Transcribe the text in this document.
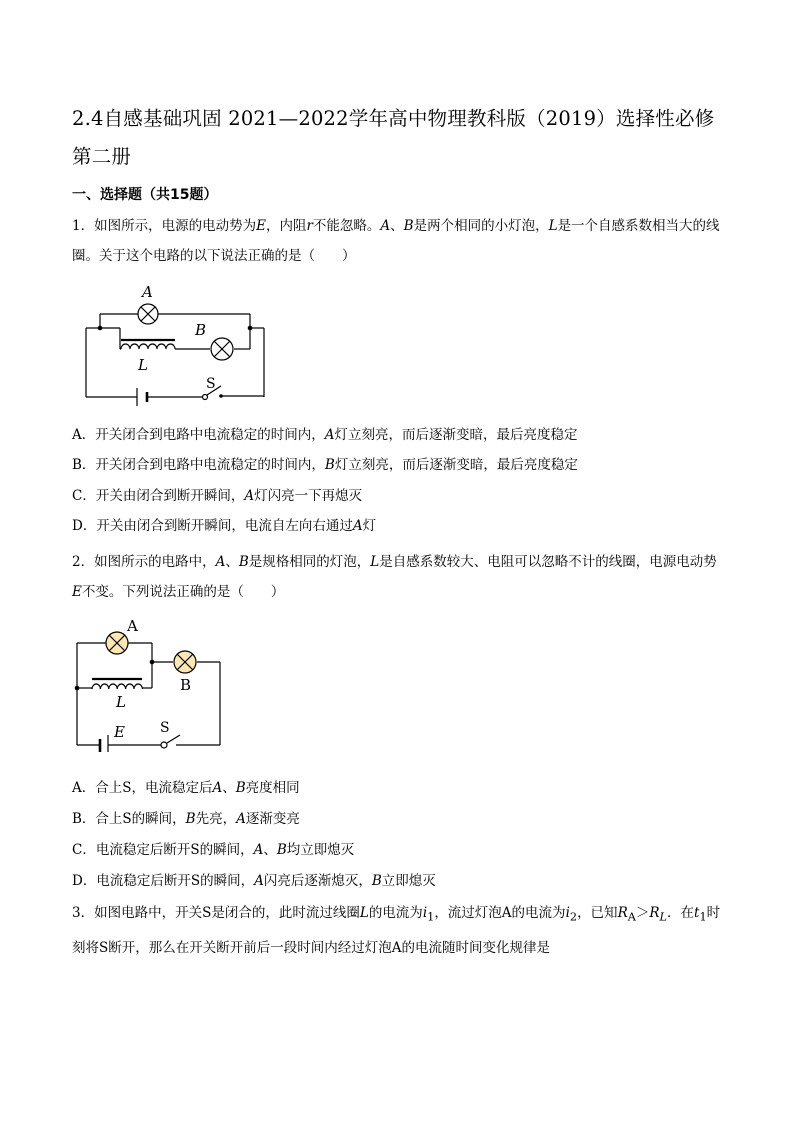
2.4自感基础巩固 2021—2022学年高中物理教科版（2019）选择性必修第二册
一、选择题（共15题）
1．如图所示，电源的电动势为E，内阻r不能忽略。A、B是两个相同的小灯泡，L是一个自感系数相当大的线圈。关于这个电路的以下说法正确的是（　　）
A
B
L
S
A．开关闭合到电路中电流稳定的时间内，A灯立刻亮，而后逐渐变暗，最后亮度稳定
B．开关闭合到电路中电流稳定的时间内，B灯立刻亮，而后逐渐变暗，最后亮度稳定
C．开关由闭合到断开瞬间，A灯闪亮一下再熄灭
D．开关由闭合到断开瞬间，电流自左向右通过A灯
2．如图所示的电路中，A、B是规格相同的灯泡，L是自感系数较大、电阻可以忽略不计的线圈，电源电动势E不变。下列说法正确的是（　　）
A
B
L
E	S
A．合上S，电流稳定后A、B亮度相同
B．合上S的瞬间，B先亮，A逐渐变亮
C．电流稳定后断开S的瞬间，A、B均立即熄灭
D．电流稳定后断开S的瞬间，A闪亮后逐渐熄灭，B立即熄灭
3．如图电路中，开关S是闭合的，此时流过线圈L的电流为$i_1$，流过灯泡A的电流为$i_2$，已知$R_A>R_L$．在$t_1$时刻将S断开，那么在开关断开前后一段时间内经过灯泡A的电流随时间变化规律是
